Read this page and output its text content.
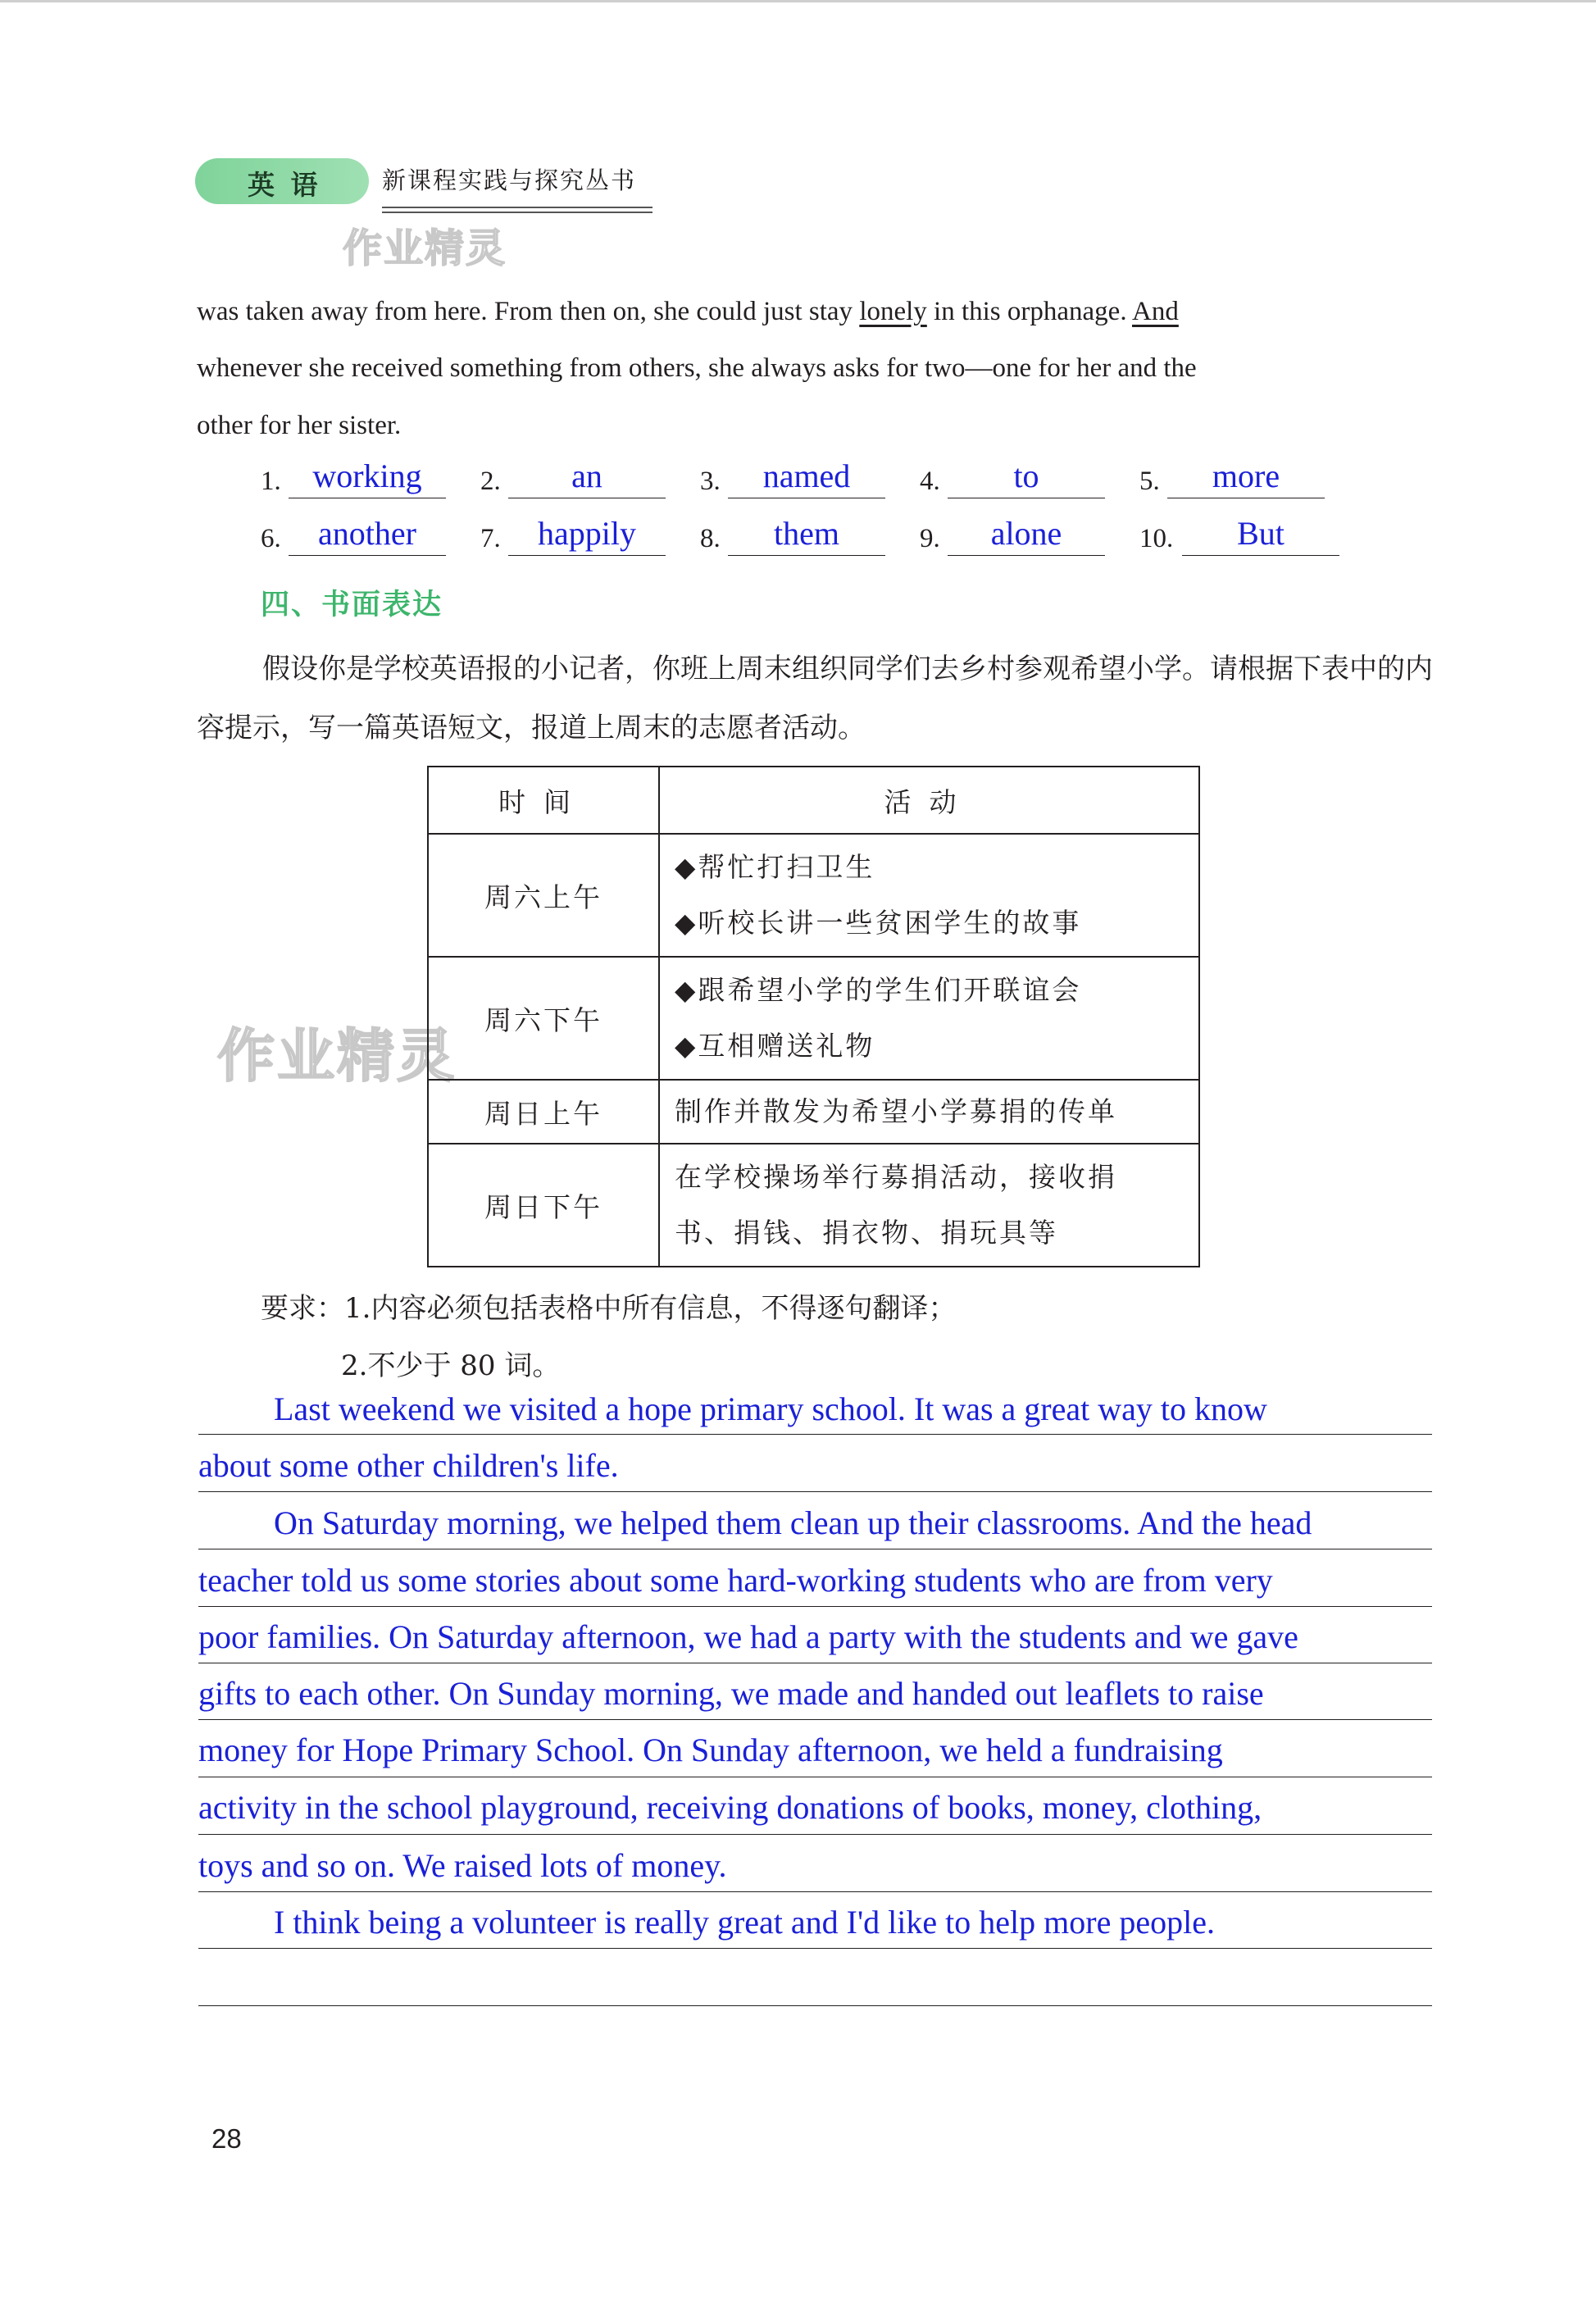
英 语	新课程实践与探究丛书
作业精灵
作业精灵
was taken away from here. From then on, she could just stay lonely in this orphanage. And
whenever she received something from others, she always asks for two—one for her and the
other for her sister.
1. working	2.	an	3.	named	4.	to	5.	more
6.	another	7.	happily	8.	them	9.	alone	10.	But
四、书面表达
假设你是学校英语报的小记者，你班上周末组织同学们去乡村参观希望小学。请根据下表中的内容提示，写一篇英语短文，报道上周末的志愿者活动。
时间	活动
周六上午	◆帮忙打扫卫生
◆听校长讲一些贫困学生的故事

周六下午	◆跟希望小学的学生们开联谊会
◆互相赠送礼物

周日上午	制作并散发为希望小学募捐的传单

周日下午	在学校操场举行募捐活动，接收捐
书、捐钱、捐衣物、捐玩具等
要求：1.内容必须包括表格中所有信息，不得逐句翻译；
2.不少于 80 词。
Last weekend we visited a hope primary school. It was a great way to know
about some other children's life.
On Saturday morning, we helped them clean up their classrooms. And the head
teacher told us some stories about some hard-working students who are from very
poor families. On Saturday afternoon, we had a party with the students and we gave
gifts to each other. On Sunday morning, we made and handed out leaflets to raise
money for Hope Primary School. On Sunday afternoon, we held a fundraising
activity in the school playground, receiving donations of books, money, clothing,
toys and so on. We raised lots of money.
I think being a volunteer is really great and I'd like to help more people.
28
